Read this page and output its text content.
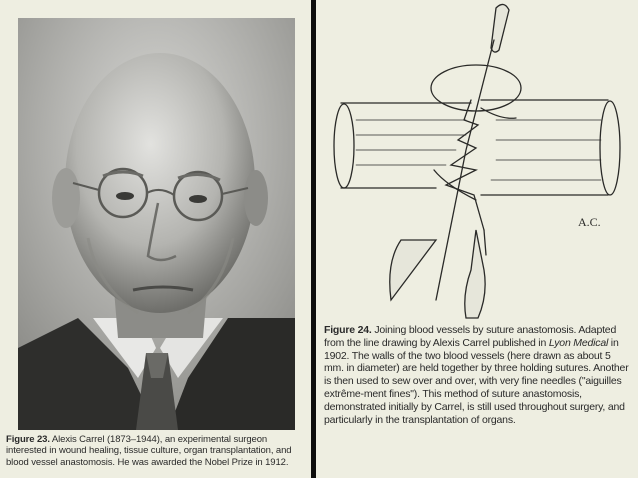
Figure 23. Alexis Carrel (1873–1944), an experimental surgeon interested in wound healing, tissue culture, organ transplantation, and blood vessel anastomosis. He was awarded the Nobel Prize in 1912.
A.C.
Figure 24. Joining blood vessels by suture anastomosis. Adapted from the line drawing by Alexis Carrel published in Lyon Medical in 1902. The walls of the two blood vessels (here drawn as about 5 mm. in diameter) are held together by three holding sutures. Another is then used to sew over and over, with very fine needles ("aiguilles extrême-ment fines"). This method of suture anastomosis, demonstrated initially by Carrel, is still used throughout surgery, and particularly in the transplantation of organs.
